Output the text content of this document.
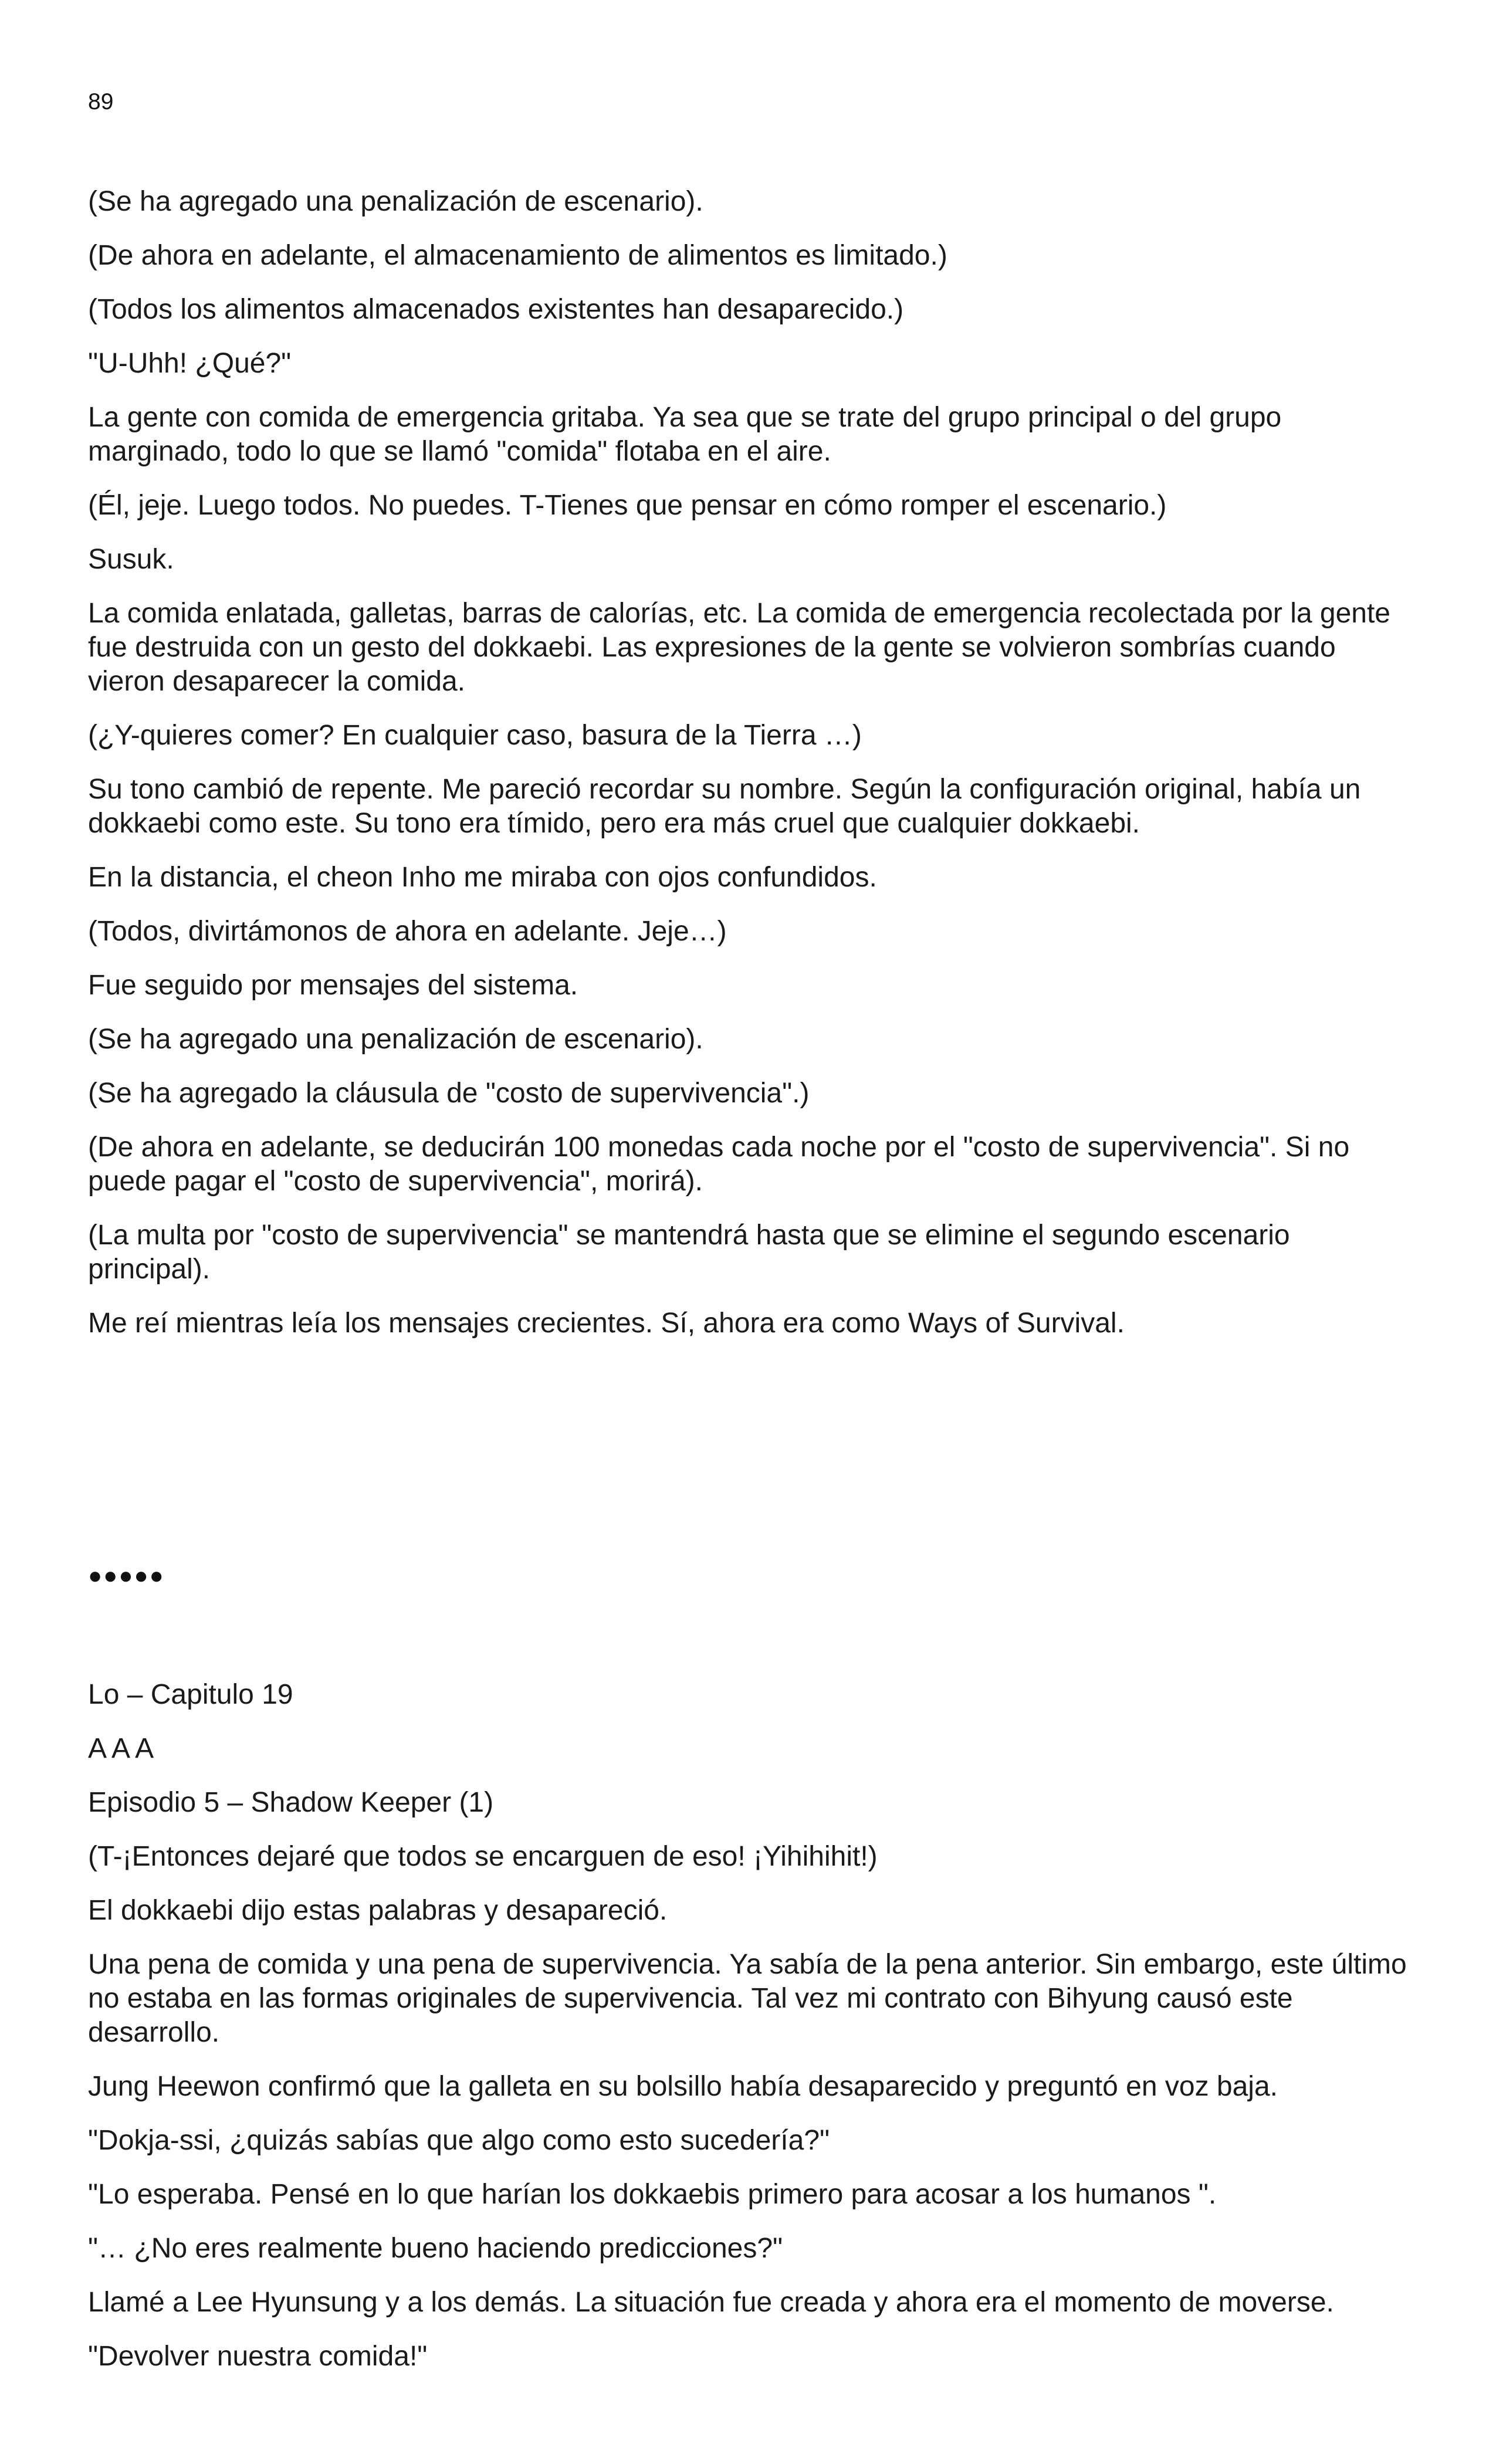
89

(Se ha agregado una penalización de escenario).

(De ahora en adelante, el almacenamiento de alimentos es limitado.)

(Todos los alimentos almacenados existentes han desaparecido.)

"U-Uhh! ¿Qué?"

La gente con comida de emergencia gritaba. Ya sea que se trate del grupo principal o del grupo marginado, todo lo que se llamó "comida" flotaba en el aire.

(Él, jeje. Luego todos. No puedes. T-Tienes que pensar en cómo romper el escenario.)

Susuk.

La comida enlatada, galletas, barras de calorías, etc. La comida de emergencia recolectada por la gente fue destruida con un gesto del dokkaebi. Las expresiones de la gente se volvieron sombrías cuando vieron desaparecer la comida.

(¿Y-quieres comer? En cualquier caso, basura de la Tierra …)

Su tono cambió de repente. Me pareció recordar su nombre. Según la configuración original, había un dokkaebi como este. Su tono era tímido, pero era más cruel que cualquier dokkaebi.

En la distancia, el cheon Inho me miraba con ojos confundidos.

(Todos, divirtámonos de ahora en adelante. Jeje…)

Fue seguido por mensajes del sistema.

(Se ha agregado una penalización de escenario).

(Se ha agregado la cláusula de "costo de supervivencia".)

(De ahora en adelante, se deducirán 100 monedas cada noche por el "costo de supervivencia". Si no puede pagar el "costo de supervivencia", morirá).

(La multa por "costo de supervivencia" se mantendrá hasta que se elimine el segundo escenario principal).

Me reí mientras leía los mensajes crecientes. Sí, ahora era como Ways of Survival.

●●●●●

Lo – Capitulo 19

A A A

Episodio 5 – Shadow Keeper (1)

(T-¡Entonces dejaré que todos se encarguen de eso! ¡Yihihihit!)

El dokkaebi dijo estas palabras y desapareció.

Una pena de comida y una pena de supervivencia. Ya sabía de la pena anterior. Sin embargo, este último no estaba en las formas originales de supervivencia. Tal vez mi contrato con Bihyung causó este desarrollo.

Jung Heewon confirmó que la galleta en su bolsillo había desaparecido y preguntó en voz baja.

"Dokja-ssi, ¿quizás sabías que algo como esto sucedería?"

"Lo esperaba. Pensé en lo que harían los dokkaebis primero para acosar a los humanos ".

"… ¿No eres realmente bueno haciendo predicciones?"

Llamé a Lee Hyunsung y a los demás. La situación fue creada y ahora era el momento de moverse.

"Devolver nuestra comida!"
